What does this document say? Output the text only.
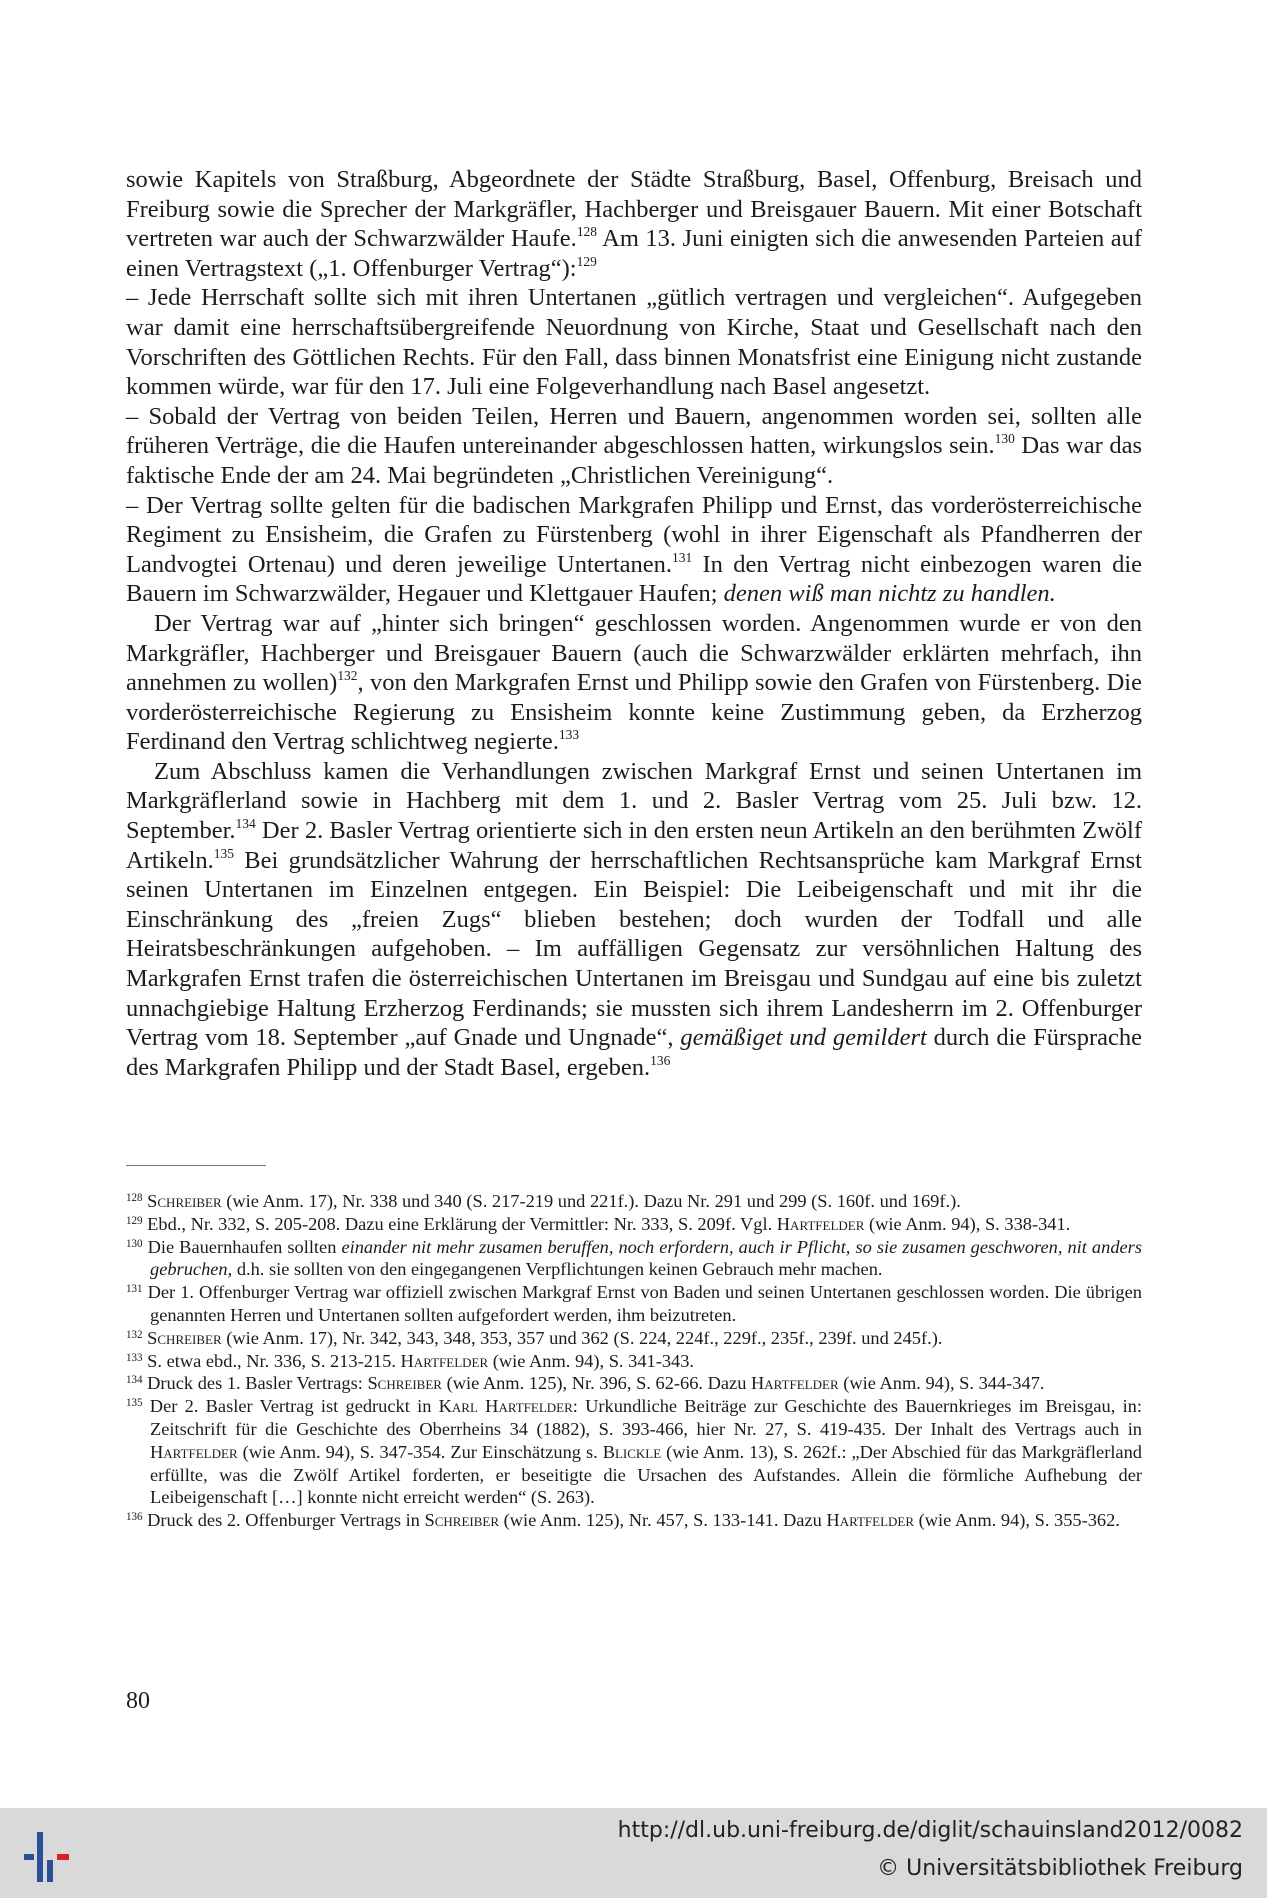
sowie Kapitels von Straßburg, Abgeordnete der Städte Straßburg, Basel, Offenburg, Breisach und Freiburg sowie die Sprecher der Markgräfler, Hachberger und Breisgauer Bauern. Mit einer Botschaft vertreten war auch der Schwarzwälder Haufe.$^{128}$ Am 13. Juni einigten sich die anwesenden Parteien auf einen Vertragstext („1. Offenburger Vertrag“):$^{129}$

– Jede Herrschaft sollte sich mit ihren Untertanen „gütlich vertragen und vergleichen“. Aufgegeben war damit eine herrschaftsübergreifende Neuordnung von Kirche, Staat und Gesellschaft nach den Vorschriften des Göttlichen Rechts. Für den Fall, dass binnen Monatsfrist eine Einigung nicht zustande kommen würde, war für den 17. Juli eine Folgeverhandlung nach Basel angesetzt.

– Sobald der Vertrag von beiden Teilen, Herren und Bauern, angenommen worden sei, sollten alle früheren Verträge, die die Haufen untereinander abgeschlossen hatten, wirkungslos sein.$^{130}$ Das war das faktische Ende der am 24. Mai begründeten „Christlichen Vereinigung“.

– Der Vertrag sollte gelten für die badischen Markgrafen Philipp und Ernst, das vorderösterreichische Regiment zu Ensisheim, die Grafen zu Fürstenberg (wohl in ihrer Eigenschaft als Pfandherren der Landvogtei Ortenau) und deren jeweilige Untertanen.$^{131}$ In den Vertrag nicht einbezogen waren die Bauern im Schwarzwälder, Hegauer und Klettgauer Haufen; denen wiß man nichtz zu handlen.

Der Vertrag war auf „hinter sich bringen“ geschlossen worden. Angenommen wurde er von den Markgräfler, Hachberger und Breisgauer Bauern (auch die Schwarzwälder erklärten mehrfach, ihn annehmen zu wollen)$^{132}$, von den Markgrafen Ernst und Philipp sowie den Grafen von Fürstenberg. Die vorderösterreichische Regierung zu Ensisheim konnte keine Zustimmung geben, da Erzherzog Ferdinand den Vertrag schlichtweg negierte.$^{133}$

Zum Abschluss kamen die Verhandlungen zwischen Markgraf Ernst und seinen Untertanen im Markgräflerland sowie in Hachberg mit dem 1. und 2. Basler Vertrag vom 25. Juli bzw. 12. September.$^{134}$ Der 2. Basler Vertrag orientierte sich in den ersten neun Artikeln an den berühmten Zwölf Artikeln.$^{135}$ Bei grundsätzlicher Wahrung der herrschaftlichen Rechtsansprüche kam Markgraf Ernst seinen Untertanen im Einzelnen entgegen. Ein Beispiel: Die Leibeigenschaft und mit ihr die Einschränkung des „freien Zugs“ blieben bestehen; doch wurden der Todfall und alle Heiratsbeschränkungen aufgehoben. – Im auffälligen Gegensatz zur versöhnlichen Haltung des Markgrafen Ernst trafen die österreichischen Untertanen im Breisgau und Sundgau auf eine bis zuletzt unnachgiebige Haltung Erzherzog Ferdinands; sie mussten sich ihrem Landesherrn im 2. Offenburger Vertrag vom 18. September „auf Gnade und Ungnade“, gemäßiget und gemildert durch die Fürsprache des Markgrafen Philipp und der Stadt Basel, ergeben.$^{136}$

$^{128}$ Schreiber (wie Anm. 17), Nr. 338 und 340 (S. 217-219 und 221f.). Dazu Nr. 291 und 299 (S. 160f. und 169f.).

$^{129}$ Ebd., Nr. 332, S. 205-208. Dazu eine Erklärung der Vermittler: Nr. 333, S. 209f. Vgl. Hartfelder (wie Anm. 94), S. 338-341.

$^{130}$ Die Bauernhaufen sollten einander nit mehr zusamen beruffen, noch erfordern, auch ir Pflicht, so sie zusamen geschworen, nit anders gebruchen, d.h. sie sollten von den eingegangenen Verpflichtungen keinen Gebrauch mehr machen.

$^{131}$ Der 1. Offenburger Vertrag war offiziell zwischen Markgraf Ernst von Baden und seinen Untertanen geschlossen worden. Die übrigen genannten Herren und Untertanen sollten aufgefordert werden, ihm beizutreten.

$^{132}$ Schreiber (wie Anm. 17), Nr. 342, 343, 348, 353, 357 und 362 (S. 224, 224f., 229f., 235f., 239f. und 245f.).

$^{133}$ S. etwa ebd., Nr. 336, S. 213-215. Hartfelder (wie Anm. 94), S. 341-343.

$^{134}$ Druck des 1. Basler Vertrags: Schreiber (wie Anm. 125), Nr. 396, S. 62-66. Dazu Hartfelder (wie Anm. 94), S. 344-347.

$^{135}$ Der 2. Basler Vertrag ist gedruckt in Karl Hartfelder: Urkundliche Beiträge zur Geschichte des Bauernkrieges im Breisgau, in: Zeitschrift für die Geschichte des Oberrheins 34 (1882), S. 393-466, hier Nr. 27, S. 419-435. Der Inhalt des Vertrags auch in Hartfelder (wie Anm. 94), S. 347-354. Zur Einschätzung s. Blickle (wie Anm. 13), S. 262f.: „Der Abschied für das Markgräflerland erfüllte, was die Zwölf Artikel forderten, er beseitigte die Ursachen des Aufstandes. Allein die förmliche Aufhebung der Leibeigenschaft […] konnte nicht erreicht werden“ (S. 263).

$^{136}$ Druck des 2. Offenburger Vertrags in Schreiber (wie Anm. 125), Nr. 457, S. 133-141. Dazu Hartfelder (wie Anm. 94), S. 355-362.

80
http://dl.ub.uni-freiburg.de/diglit/schauinsland2012/0082
© Universitätsbibliothek Freiburg
